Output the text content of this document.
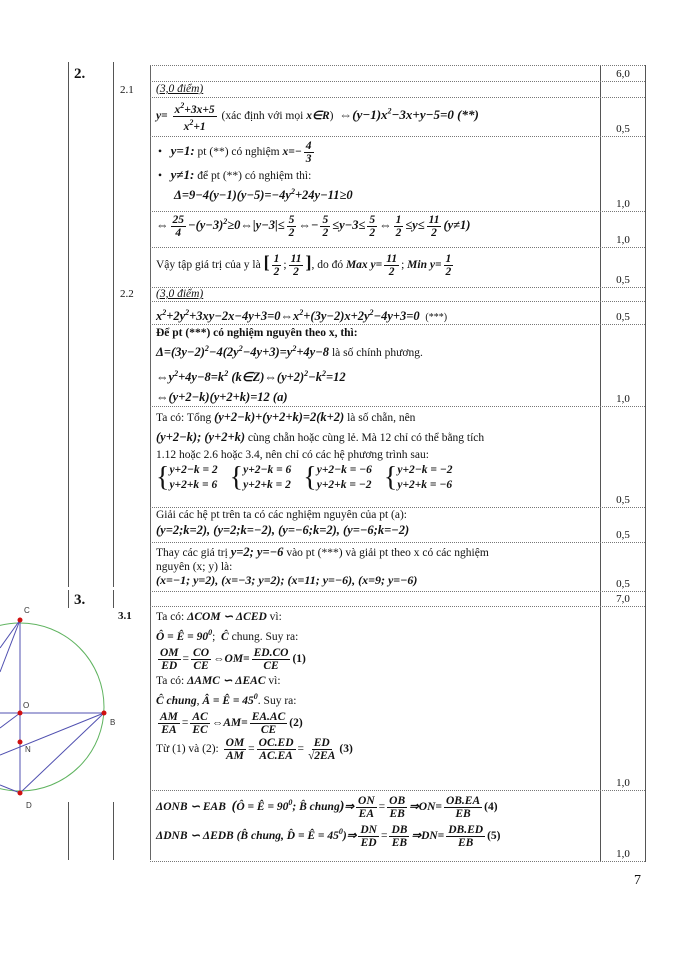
2.
2.1
2.2
3.
3.1
6,0
0,5
1,0
1,0
0,5
0,5
1,0
0,5
0,5
0,5
7,0
1,0
1,0
(3,0 điểm)
$y= \frac{x^2+3x+5}{x^2+1}$ (xác định với mọi x∈R)  $\Leftrightarrow(y-1)x^2-3x+y-5=0$ (**)
•   y=1: pt (**) có nghiệm $x=- \frac{4}{3}$
•   y≠1: để pt (**) có nghiệm thì:
$\Delta=9-4(y-1)(y-5)=-4y^2+24y-11\ge 0$
⇔ $\frac{25}{4}$ $-(y-3)^2\ge 0\Leftrightarrow|y-3|\le \frac{5}{2}$ ⇔− $\frac{5}{2} \le y-3\le \frac{5}{2}$ ⇔ $\frac{1}{2} \le y\le \frac{11}{2} (y\ne 1)$
Vậy tập giá trị của y là [ $\frac{1}{2}$ ; $\frac{11}{2}$ ], do đó Max $y= \frac{11}{2}$ ; Min $y= \frac{1}{2}$
(3,0 điểm)
$x^2+2y^2+3xy-2x-4y+3=0\Leftrightarrow x^2+(3y-2)x+2y^2-4y+3=0$ (***)
Để pt (***) có nghiệm nguyên theo x, thì:
$\Delta=(3y-2)^2-4(2y^2-4y+3)=y^2+4y-8$ là số chính phương.
$\Leftrightarrow y^2+4y-8=k^2$ $(k\in Z)\Leftrightarrow(y+2)^2-k^2=12$
⇔(y+2−k)(y+2+k)=12 (a)
Ta có: Tổng (y+2−k)+(y+2+k)=2(k+2) là số chẵn, nên
(y+2−k); (y+2+k) cùng chẵn hoặc cùng lẻ. Mà 12 chỉ có thể bằng tích
1.12 hoặc 2.6 hoặc 3.4, nên chỉ có các hệ phương trình sau:
{ y+2−k = 2
y+2+k = 6 { y+2−k = 6
y+2+k = 2 { y+2−k = −6
y+2+k = −2 { y+2−k = −2
y+2+k = −6
Giải các hệ pt trên ta có các nghiệm nguyên của pt (a):
(y=2;k=2), (y=2;k=−2), (y=−6;k=2), (y=−6;k=−2)
Thay các giá trị y=2; y=−6 vào pt (***) và giải pt theo x có các nghiệm
nguyên (x; y) là:
(x=−1; y=2), (x=−3; y=2); (x=11; y=−6), (x=9; y=−6)
Ta có: ΔCOM ∽ ΔCED vì:
Ô = Ê = $90^0$;  Ĉ chung. Suy ra:
$\frac{OM}{ED} = \frac{CO}{CE}$ ⇔OM= $\frac{ED.CO}{CE} (1)$
Ta có: ΔAMC ∽ ΔEAC vì:
Ĉ chung, Â = Ê = $45^0$. Suy ra:
$\frac{AM}{EA} = \frac{AC}{EC}$ ⇔AM= $\frac{EA.AC}{CE} (2)$
Từ (1) và (2): $\frac{OM}{AM} = \frac{OC.ED}{AC.EA} = \frac{ED}{√2EA} (3)$
ΔONB ∽ EAB (Ô = Ê = $90^0$; B̂ chung)⇒ $\frac{ON}{EA} = \frac{OB}{EB}$ ⇒ON= $\frac{OB.EA}{EB} (4)$
ΔDNB ∽ ΔEDB (B̂ chung, D̂ = Ê = $45^0)\Rightarrow \frac{DN}{ED} = \frac{DB}{EB}$ ⇒DN= $\frac{DB.ED}{EB} (5)$
C
O
N
B
D
7
